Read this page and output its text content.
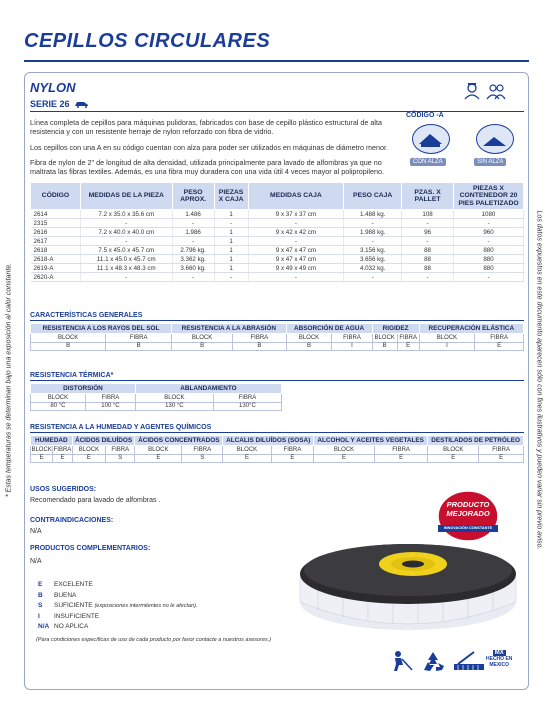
CEPILLOS CIRCULARES
* Estas temperaturas se determinan bajo una exposición al calor constante.	Los datos expuestos en este documento aparecen sólo con fines ilustrativos y pueden variar sin previo aviso.
NYLON
SERIE 26
Línea completa de cepillos para máquinas pulidoras, fabricados con base de cepillo plástico estructural de alta resistencia y con un resistente herraje de nylon reforzado con fibra de vidrio.
Los cepillos con una A en su código cuentan con alza para poder ser utilizados en máquinas de diámetro menor.
Fibra de nylon de 2" de longitud de alta densidad, utilizada principalmente para lavado de alfombras ya que no maltrata las fibras textiles. Además, es una fibra muy duradera con una vida útil 4 veces mayor al polipropileno.
CÓDIGO -A
CON ALZA	SIN ALZA
CÓDIGO	MEDIDAS DE LA PIEZA	PESO APROX.	PIEZAS X CAJA	MEDIDAS CAJA	PESO CAJA	PZAS. X PALLET	PIEZAS X CONTENEDOR 20 PIES PALETIZADO
2614	7.2 x 35.0 x 35.6 cm	1.486	1	9 x 37 x 37 cm	1.488 kg.	108	1080
2315	-	-	-	-	-	-	-
2616	7.2 x 40.0 x 40.0 cm	1.986	1	9 x 42 x 42 cm	1.988 kg.	96	960
2617	-	-	1	-	-	-	-
2618	7.5 x 45.0 x 45.7 cm	2.796 kg.	1	9 x 47 x 47 cm	3.156 kg.	88	880
2618-A	11.1 x 45.0 x 45.7 cm	3.362 kg.	1	9 x 47 x 47 cm	3.656 kg.	88	880
2619-A	11.1 x 48.3 x 48.3 cm	3.660 kg.	1	9 x 49 x 49 cm	4.032 kg.	88	880
2620-A	-	-	-	-	-	-	-
CARACTERÍSTICAS GENERALES
RESISTENCIA A LOS RAYOS DEL SOL		RESISTENCIA A LA ABRASIÓN		ABSORCIÓN DE AGUA		RIGIDEZ		RECUPERACIÓN ELÁSTICA	
BLOCK	FIBRA	BLOCK	FIBRA	BLOCK	FIBRA	BLOCK	FIBRA	BLOCK	FIBRA
B	B	B	B	B	I	B	E	I	E
RESISTENCIA TÉRMICA*
DISTORSIÓN		ABLANDAMIENTO	
BLOCK	FIBRA	BLOCK	FIBRA
80 °C	100 °C	130 °C	130°C
RESISTENCIA A LA HUMEDAD Y AGENTES QUÍMICOS
HUMEDAD		ÁCIDOS DILUÍDOS		ÁCIDOS CONCENTRADOS		ALCALIS DILUÍDOS (SOSA)		ALCOHOL Y ACEITES VEGETALES		DESTILADOS DE PETRÓLEO	
BLOCK	FIBRA	BLOCK	FIBRA	BLOCK	FIBRA	BLOCK	FIBRA	BLOCK	FIBRA	BLOCK	FIBRA
E	E	E	S	E	S	E	E	E	E	E	E
USOS SUGERIDOS:
Recomendado para lavado de alfombras .
CONTRAINDICACIONES:
N/A
PRODUCTOS COMPLEMENTARIOS:
N/A
E EXCELENTE
B BUENA
S SUFICIENTE (exposiciones intermitentes no le afectan).
I INSUFICIENTE
N/A NO APLICA
(Para condiciones específicas de uso de cada producto por favor contacte a nuestros asesores.)
PRODUCTO
MEJORADO
INNOVACIÓN CONSTANTE
MX
HECHO EN
MEXICO
